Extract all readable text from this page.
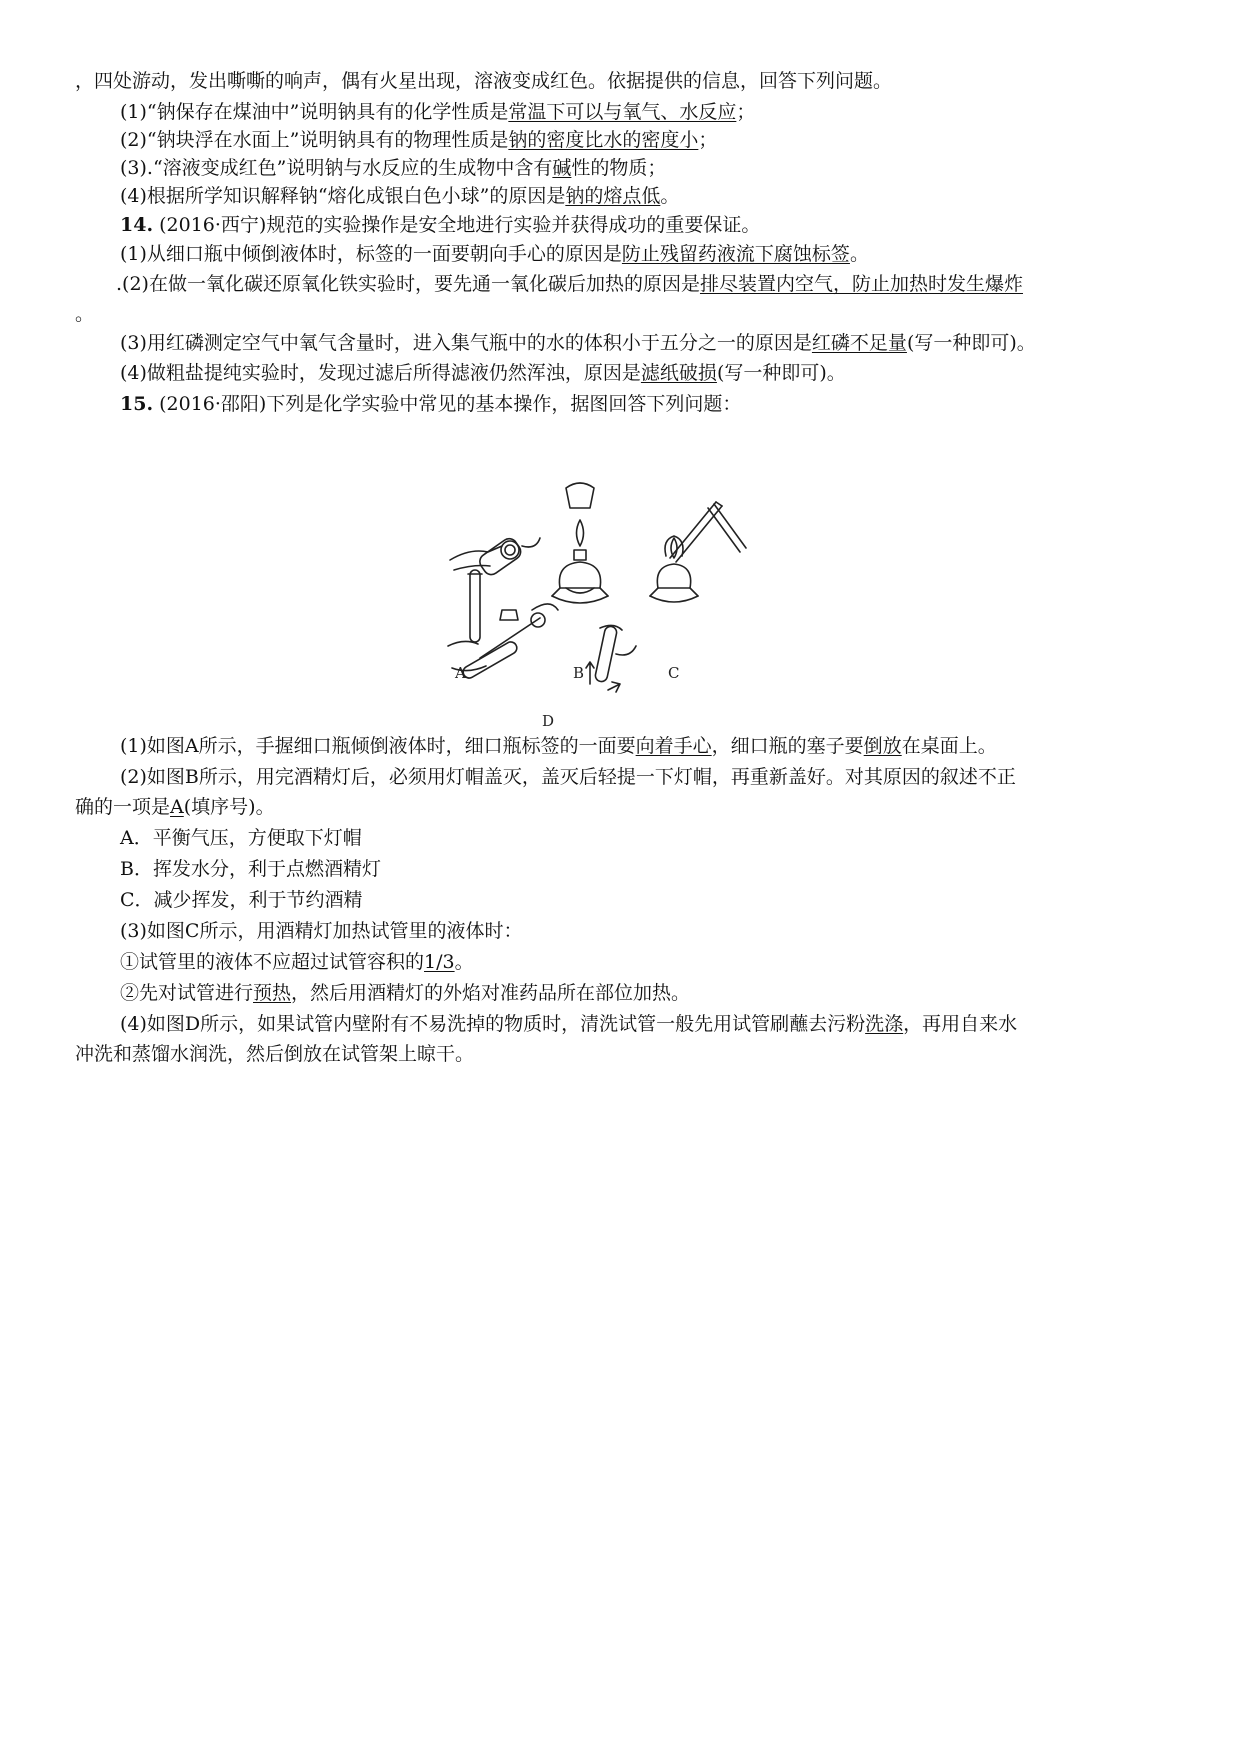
，四处游动，发出嘶嘶的响声，偶有火星出现，溶液变成红色。依据提供的信息，回答下列问题。
(1)“钠保存在煤油中”说明钠具有的化学性质是常温下可以与氧气、水反应；
(2)“钠块浮在水面上”说明钠具有的物理性质是钠的密度比水的密度小；
(3).“溶液变成红色”说明钠与水反应的生成物中含有碱性的物质；
(4)根据所学知识解释钠“熔化成银白色小球”的原因是钠的熔点低。
14. (2016·西宁)规范的实验操作是安全地进行实验并获得成功的重要保证。
(1)从细口瓶中倾倒液体时，标签的一面要朝向手心的原因是防止残留药液流下腐蚀标签。
.(2)在做一氧化碳还原氧化铁实验时，要先通一氧化碳后加热的原因是排尽装置内空气，防止加热时发生爆炸
。
(3)用红磷测定空气中氧气含量时，进入集气瓶中的水的体积小于五分之一的原因是红磷不足量(写一种即可)。
(4)做粗盐提纯实验时，发现过滤后所得滤液仍然浑浊，原因是滤纸破损(写一种即可)。
15. (2016·邵阳)下列是化学实验中常见的基本操作，据图回答下列问题：
A	B	C
D
(1)如图A所示，手握细口瓶倾倒液体时，细口瓶标签的一面要向着手心，细口瓶的塞子要倒放在桌面上。
(2)如图B所示，用完酒精灯后，必须用灯帽盖灭，盖灭后轻提一下灯帽，再重新盖好。对其原因的叙述不正
确的一项是A(填序号)。
A．平衡气压，方便取下灯帽
B．挥发水分，利于点燃酒精灯
C．减少挥发，利于节约酒精
(3)如图C所示，用酒精灯加热试管里的液体时：
①试管里的液体不应超过试管容积的1/3。
②先对试管进行预热，然后用酒精灯的外焰对准药品所在部位加热。
(4)如图D所示，如果试管内壁附有不易洗掉的物质时，清洗试管一般先用试管刷蘸去污粉洗涤，再用自来水
冲洗和蒸馏水润洗，然后倒放在试管架上晾干。
